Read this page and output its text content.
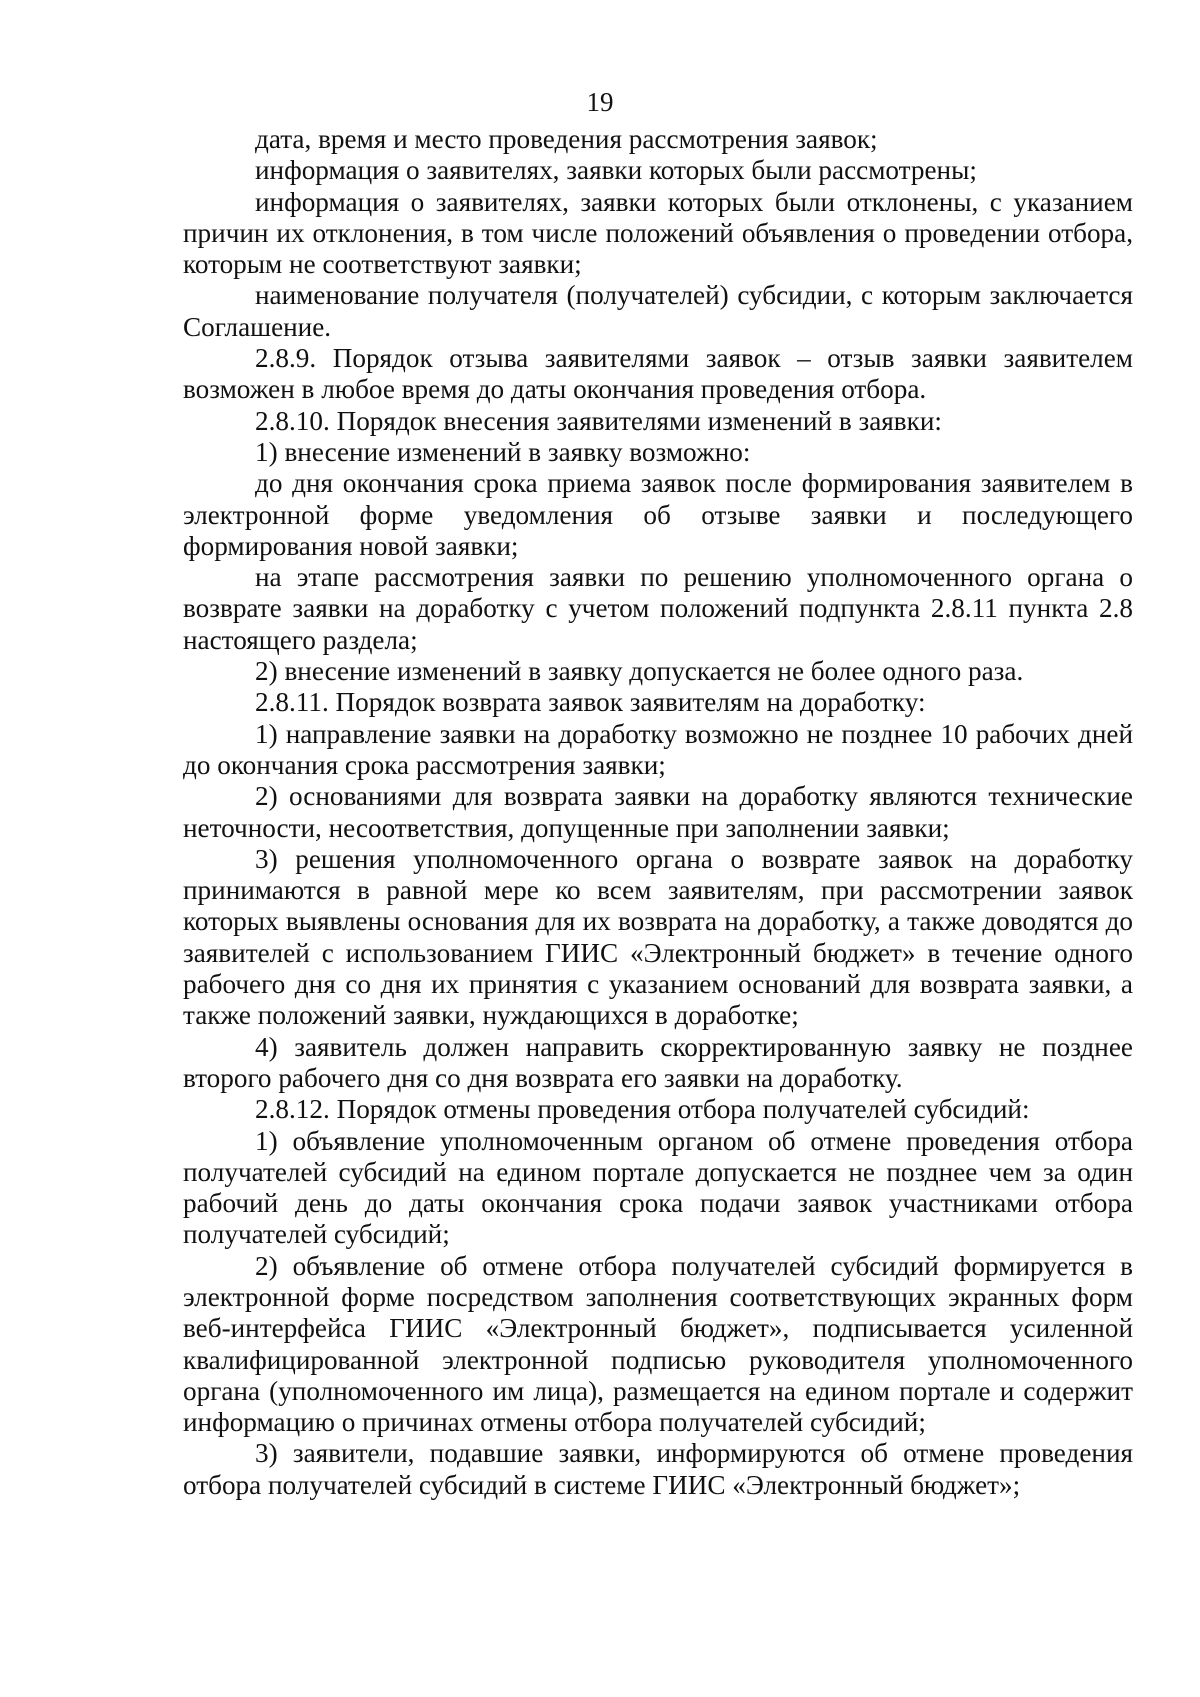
19

дата, время и место проведения рассмотрения заявок;

информация о заявителях, заявки которых были рассмотрены;

информация о заявителях, заявки которых были отклонены, с указанием причин их отклонения, в том числе положений объявления о проведении отбора, которым не соответствуют заявки;

наименование получателя (получателей) субсидии, с которым заключается Соглашение.

2.8.9. Порядок отзыва заявителями заявок – отзыв заявки заявителем возможен в любое время до даты окончания проведения отбора.

2.8.10. Порядок внесения заявителями изменений в заявки:

1) внесение изменений в заявку возможно:

до дня окончания срока приема заявок после формирования заявителем в электронной форме уведомления об отзыве заявки и последующего формирования новой заявки;

на этапе рассмотрения заявки по решению уполномоченного органа о возврате заявки на доработку с учетом положений подпункта 2.8.11 пункта 2.8 настоящего раздела;

2) внесение изменений в заявку допускается не более одного раза.

2.8.11. Порядок возврата заявок заявителям на доработку:

1) направление заявки на доработку возможно не позднее 10 рабочих дней до окончания срока рассмотрения заявки;

2) основаниями для возврата заявки на доработку являются технические неточности, несоответствия, допущенные при заполнении заявки;

3) решения уполномоченного органа о возврате заявок на доработку принимаются в равной мере ко всем заявителям, при рассмотрении заявок которых выявлены основания для их возврата на доработку, а также доводятся до заявителей с использованием ГИИС «Электронный бюджет» в течение одного рабочего дня со дня их принятия с указанием оснований для возврата заявки, а также положений заявки, нуждающихся в доработке;

4) заявитель должен направить скорректированную заявку не позднее второго рабочего дня со дня возврата его заявки на доработку.

2.8.12. Порядок отмены проведения отбора получателей субсидий:

1) объявление уполномоченным органом об отмене проведения отбора получателей субсидий на едином портале допускается не позднее чем за один рабочий день до даты окончания срока подачи заявок участниками отбора получателей субсидий;

2) объявление об отмене отбора получателей субсидий формируется в электронной форме посредством заполнения соответствующих экранных форм веб-интерфейса ГИИС «Электронный бюджет», подписывается усиленной квалифицированной электронной подписью руководителя уполномоченного органа (уполномоченного им лица), размещается на едином портале и содержит информацию о причинах отмены отбора получателей субсидий;

3) заявители, подавшие заявки, информируются об отмене проведения отбора получателей субсидий в системе ГИИС «Электронный бюджет»;
